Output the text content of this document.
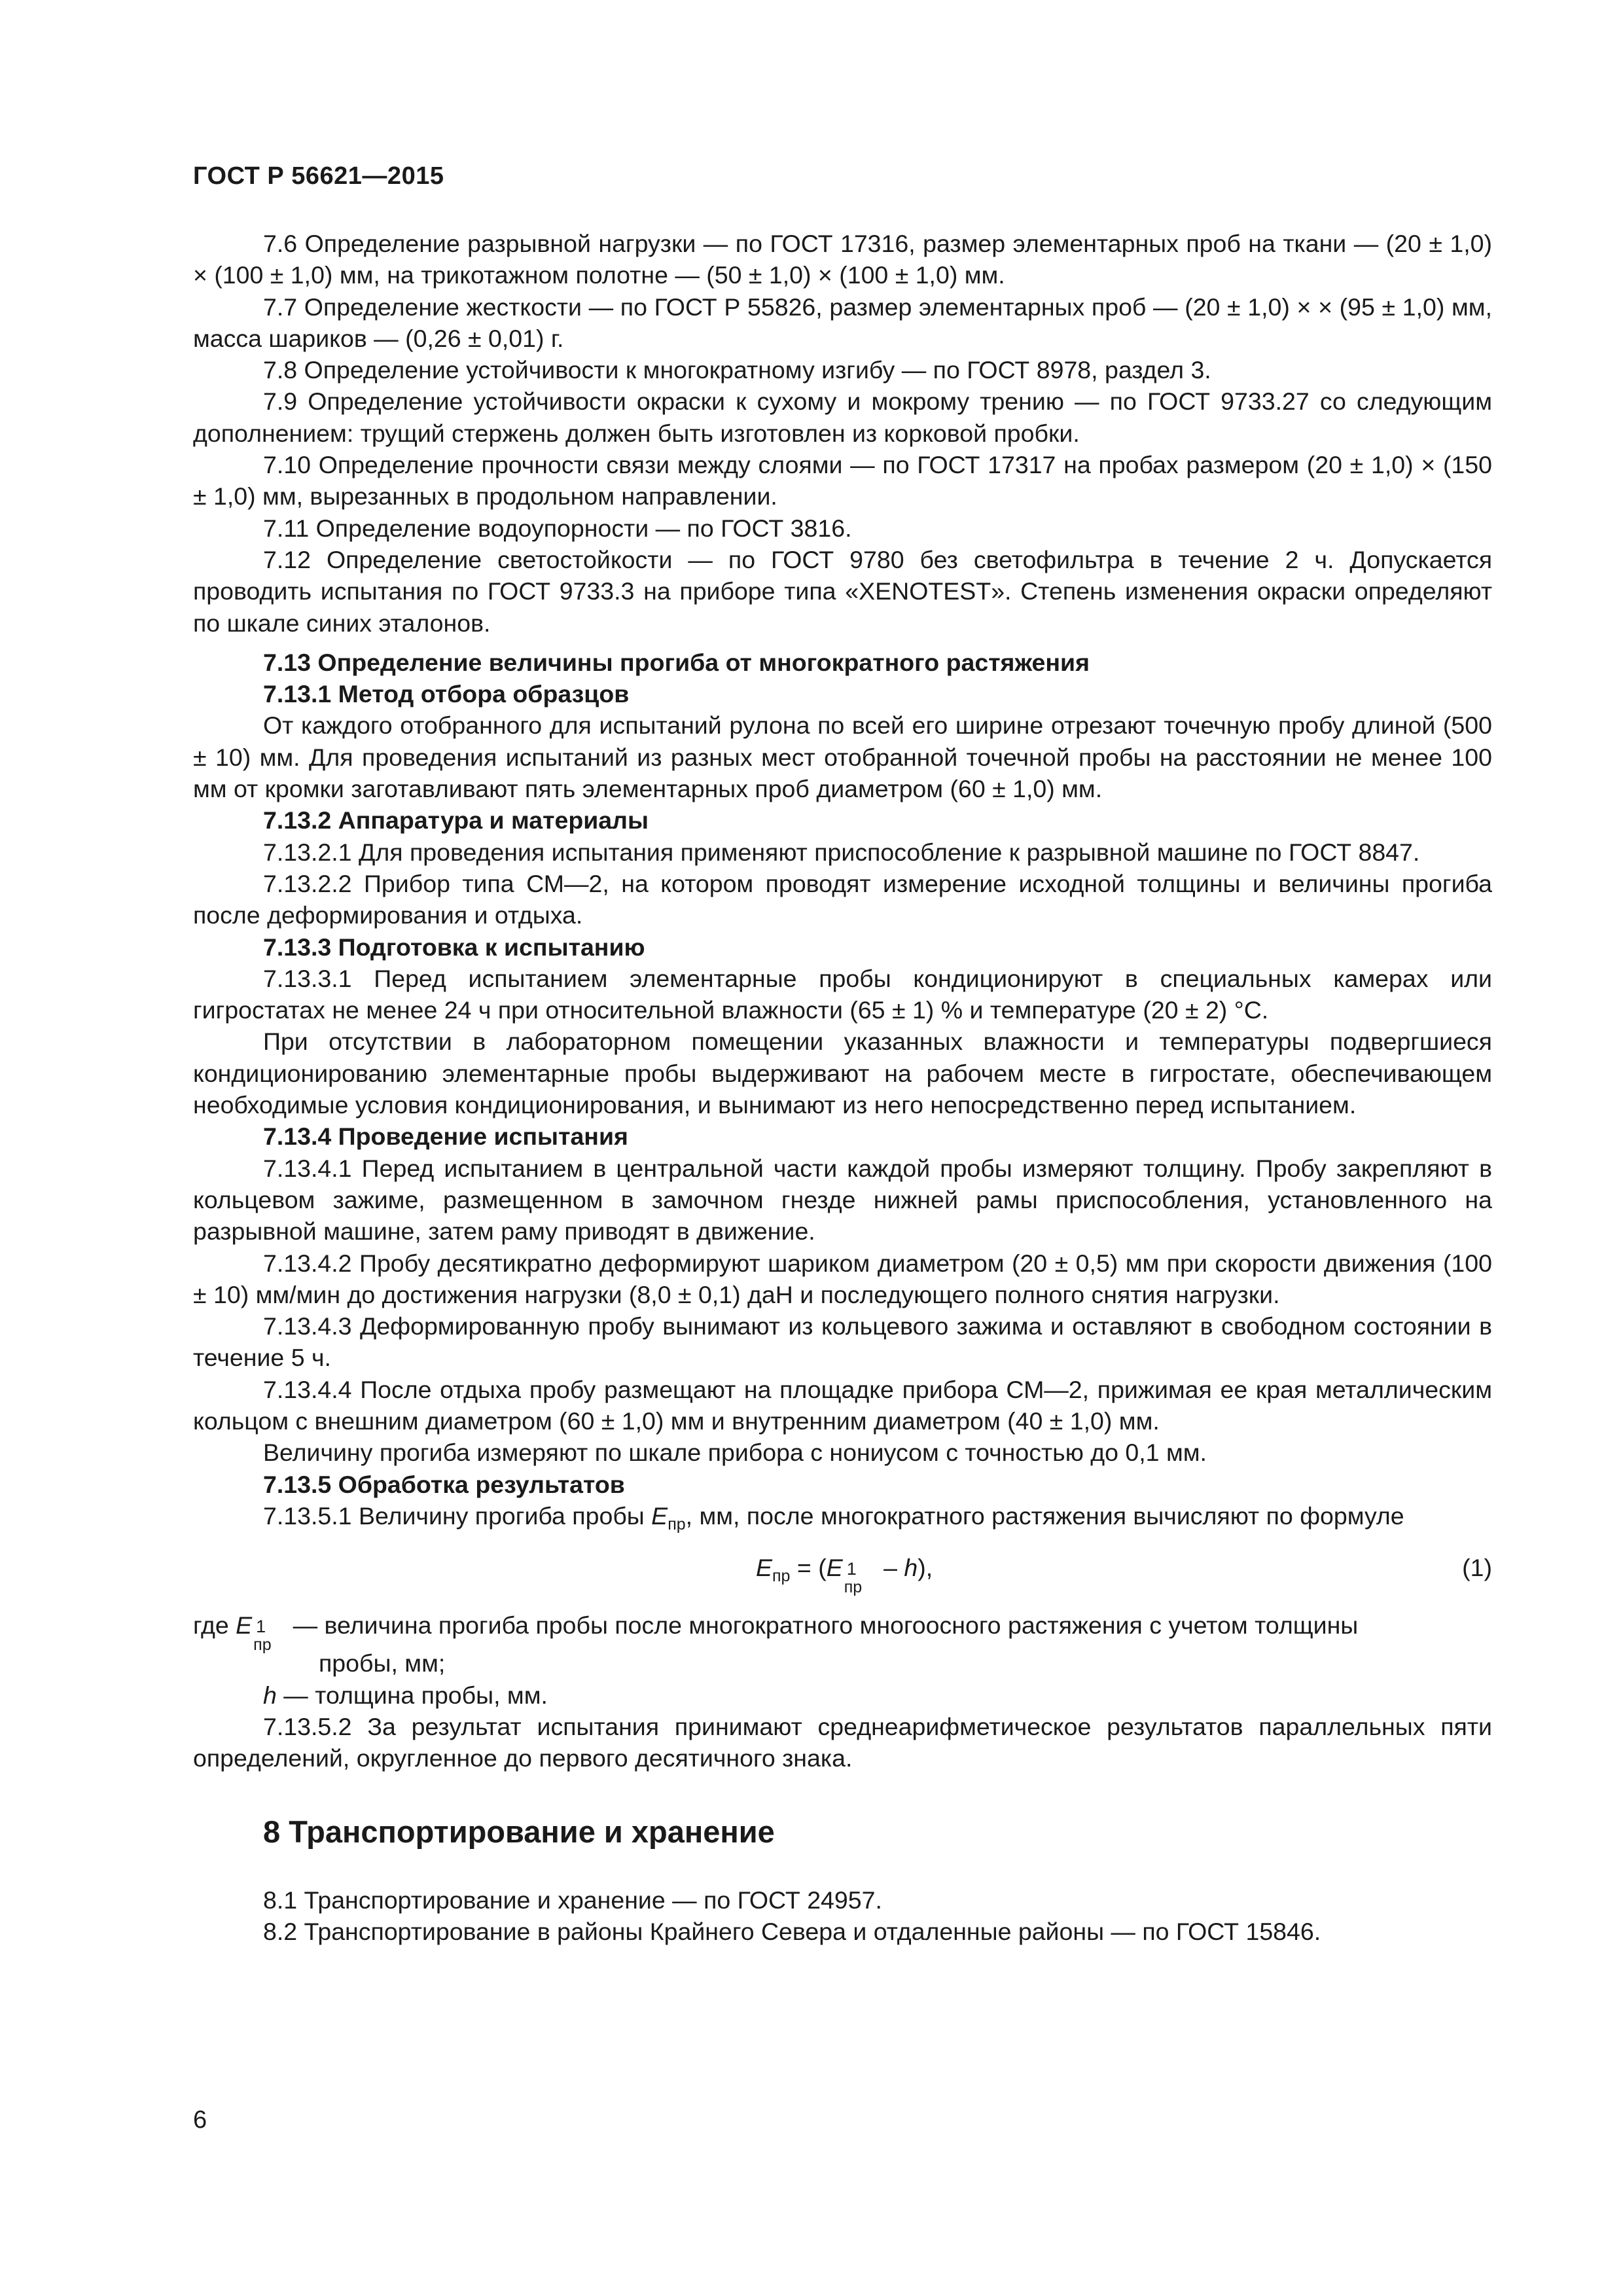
ГОСТ Р 56621—2015

7.6 Определение разрывной нагрузки — по ГОСТ 17316, размер элементарных проб на ткани — (20 ± 1,0) × (100 ± 1,0) мм, на трикотажном полотне — (50 ± 1,0) × (100 ± 1,0) мм.

7.7 Определение жесткости — по ГОСТ Р 55826, размер элементарных проб — (20 ± 1,0) × × (95 ± 1,0) мм, масса шариков — (0,26 ± 0,01) г.

7.8 Определение устойчивости к многократному изгибу — по ГОСТ 8978, раздел 3.

7.9 Определение устойчивости окраски к сухому и мокрому трению — по ГОСТ 9733.27 со следующим дополнением: трущий стержень должен быть изготовлен из корковой пробки.

7.10 Определение прочности связи между слоями — по ГОСТ 17317 на пробах размером (20 ± 1,0) × (150 ± 1,0) мм, вырезанных в продольном направлении.

7.11 Определение водоупорности — по ГОСТ 3816.

7.12 Определение светостойкости — по ГОСТ 9780 без светофильтра в течение 2 ч. Допускается проводить испытания по ГОСТ 9733.3 на приборе типа «XENOTEST». Степень изменения окраски определяют по шкале синих эталонов.

7.13 Определение величины прогиба от многократного растяжения

7.13.1 Метод отбора образцов

От каждого отобранного для испытаний рулона по всей его ширине отрезают точечную пробу длиной (500 ± 10) мм. Для проведения испытаний из разных мест отобранной точечной пробы на расстоянии не менее 100 мм от кромки заготавливают пять элементарных проб диаметром (60 ± 1,0) мм.

7.13.2 Аппаратура и материалы

7.13.2.1 Для проведения испытания применяют приспособление к разрывной машине по ГОСТ 8847.

7.13.2.2 Прибор типа СМ—2, на котором проводят измерение исходной толщины и величины прогиба после деформирования и отдыха.

7.13.3 Подготовка к испытанию

7.13.3.1 Перед испытанием элементарные пробы кондиционируют в специальных камерах или гигростатах не менее 24 ч при относительной влажности (65 ± 1) % и температуре (20 ± 2) °С.

При отсутствии в лабораторном помещении указанных влажности и температуры подвергшиеся кондиционированию элементарные пробы выдерживают на рабочем месте в гигростате, обеспечивающем необходимые условия кондиционирования, и вынимают из него непосредственно перед испытанием.

7.13.4 Проведение испытания

7.13.4.1 Перед испытанием в центральной части каждой пробы измеряют толщину. Пробу закрепляют в кольцевом зажиме, размещенном в замочном гнезде нижней рамы приспособления, установленного на разрывной машине, затем раму приводят в движение.

7.13.4.2 Пробу десятикратно деформируют шариком диаметром (20 ± 0,5) мм при скорости движения (100 ± 10) мм/мин до достижения нагрузки (8,0 ± 0,1) даН и последующего полного снятия нагрузки.

7.13.4.3 Деформированную пробу вынимают из кольцевого зажима и оставляют в свободном состоянии в течение 5 ч.

7.13.4.4 После отдыха пробу размещают на площадке прибора СМ—2, прижимая ее края металлическим кольцом с внешним диаметром (60 ± 1,0) мм и внутренним диаметром (40 ± 1,0) мм.

Величину прогиба измеряют по шкале прибора с нониусом с точностью до 0,1 мм.

7.13.5 Обработка результатов

7.13.5.1 Величину прогиба пробы $E_{пр}$, мм, после многократного растяжения вычисляют по формуле

$E_{пр} = (E$ 1
пр
– h),	(1)

где E 1
пр
— величина прогиба пробы после многократного многоосного растяжения с учетом толщины

пробы, мм;

h — толщина пробы, мм.

7.13.5.2 За результат испытания принимают среднеарифметическое результатов параллельных пяти определений, округленное до первого десятичного знака.

8 Транспортирование и хранение

8.1 Транспортирование и хранение — по ГОСТ 24957.

8.2 Транспортирование в районы Крайнего Севера и отдаленные районы — по ГОСТ 15846.

6
